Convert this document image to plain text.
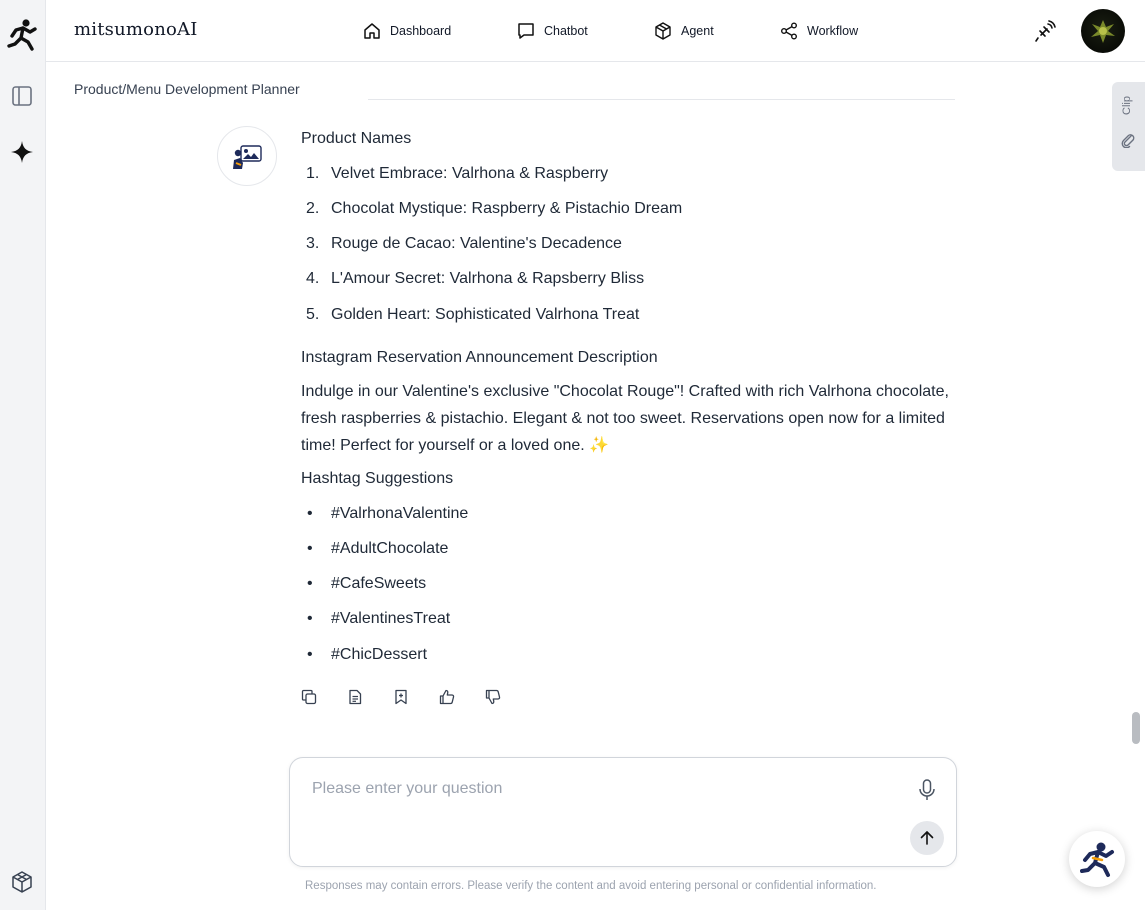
mitsumonoAI	Dashboard	Chatbot	Agent	Workflow
Product/Menu Development Planner
Clip
Product Names
1. Velvet Embrace: Valrhona & Raspberry
2. Chocolat Mystique: Raspberry & Pistachio Dream
3. Rouge de Cacao: Valentine's Decadence
4. L'Amour Secret: Valrhona & Rapsberry Bliss
5. Golden Heart: Sophisticated Valrhona Treat
Instagram Reservation Announcement Description

Indulge in our Valentine's exclusive "Chocolat Rouge"! Crafted with rich Valrhona chocolate, fresh raspberries & pistachio. Elegant & not too sweet. Reservations open now for a limited time! Perfect for yourself or a loved one. ✨

Hashtag Suggestions
• #ValrhonaValentine
• #AdultChocolate
• #CafeSweets
• #ValentinesTreat
• #ChicDessert
Please enter your question
Responses may contain errors. Please verify the content and avoid entering personal or confidential information.
